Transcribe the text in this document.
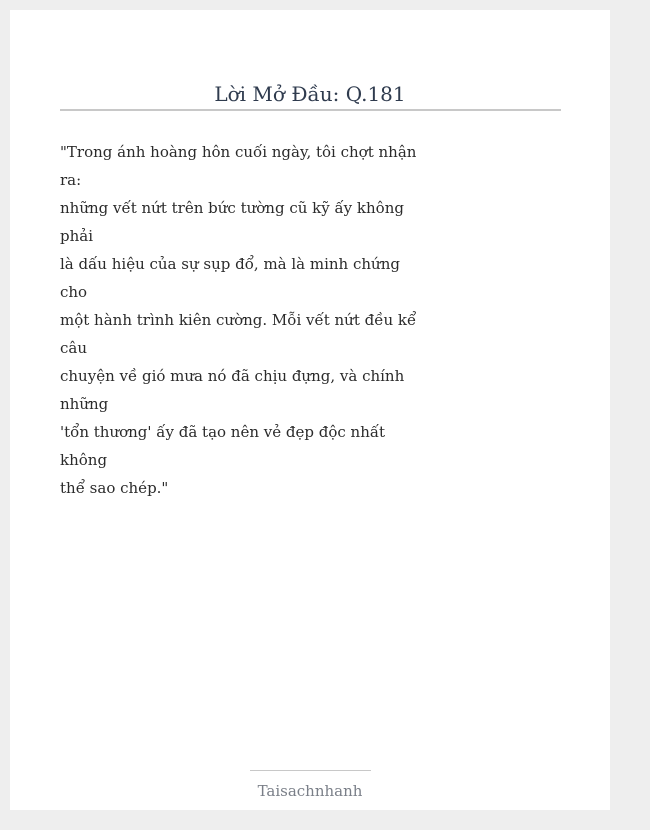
Lời Mở Đầu: Q.181

"Trong ánh hoàng hôn cuối ngày, tôi chợt nhận
ra:
những vết nứt trên bức tường cũ kỹ ấy không
phải
là dấu hiệu của sự sụp đổ, mà là minh chứng
cho
một hành trình kiên cường. Mỗi vết nứt đều kể
câu
chuyện về gió mưa nó đã chịu đựng, và chính
những
'tổn thương' ấy đã tạo nên vẻ đẹp độc nhất
không
thể sao chép."

Taisachnhanh
